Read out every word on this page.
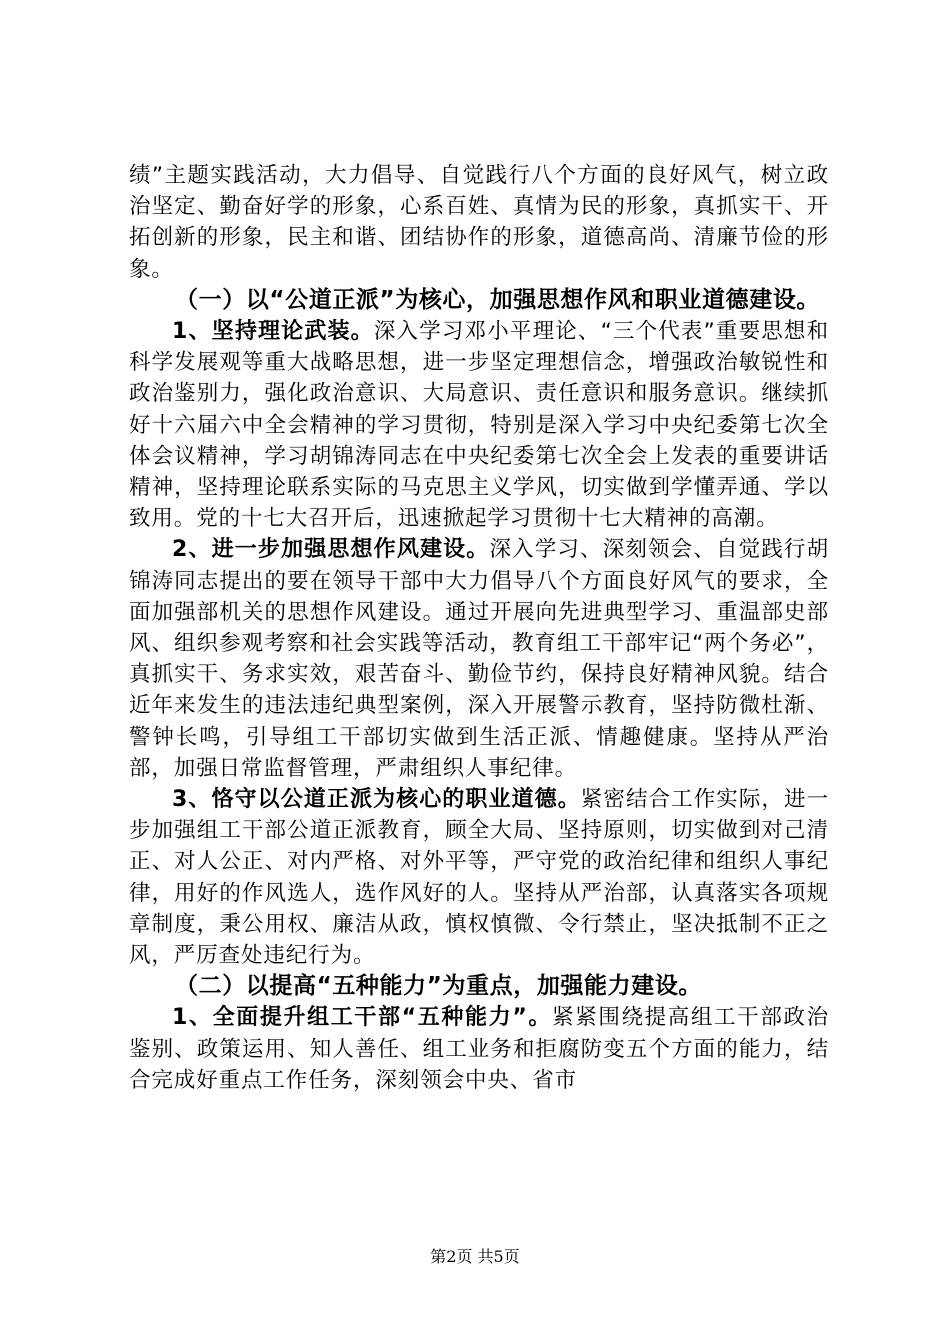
绩”主题实践活动，大力倡导、自觉践行八个方面的良好风气，树立政治坚定、勤奋好学的形象，心系百姓、真情为民的形象，真抓实干、开拓创新的形象，民主和谐、团结协作的形象，道德高尚、清廉节俭的形象。

（一）以“公道正派”为核心，加强思想作风和职业道德建设。

1、坚持理论武装。深入学习邓小平理论、“三个代表”重要思想和科学发展观等重大战略思想，进一步坚定理想信念，增强政治敏锐性和政治鉴别力，强化政治意识、大局意识、责任意识和服务意识。继续抓好十六届六中全会精神的学习贯彻，特别是深入学习中央纪委第七次全体会议精神，学习胡锦涛同志在中央纪委第七次全会上发表的重要讲话精神，坚持理论联系实际的马克思主义学风，切实做到学懂弄通、学以致用。党的十七大召开后，迅速掀起学习贯彻十七大精神的高潮。

2、进一步加强思想作风建设。深入学习、深刻领会、自觉践行胡锦涛同志提出的要在领导干部中大力倡导八个方面良好风气的要求，全面加强部机关的思想作风建设。通过开展向先进典型学习、重温部史部风、组织参观考察和社会实践等活动，教育组工干部牢记“两个务必”，真抓实干、务求实效，艰苦奋斗、勤俭节约，保持良好精神风貌。结合近年来发生的违法违纪典型案例，深入开展警示教育，坚持防微杜渐、警钟长鸣，引导组工干部切实做到生活正派、情趣健康。坚持从严治部，加强日常监督管理，严肃组织人事纪律。

3、恪守以公道正派为核心的职业道德。紧密结合工作实际，进一步加强组工干部公道正派教育，顾全大局、坚持原则，切实做到对己清正、对人公正、对内严格、对外平等，严守党的政治纪律和组织人事纪律，用好的作风选人，选作风好的人。坚持从严治部，认真落实各项规章制度，秉公用权、廉洁从政，慎权慎微、令行禁止，坚决抵制不正之风，严厉查处违纪行为。

（二）以提高“五种能力”为重点，加强能力建设。

1、全面提升组工干部“五种能力”。紧紧围绕提高组工干部政治鉴别、政策运用、知人善任、组工业务和拒腐防变五个方面的能力，结合完成好重点工作任务，深刻领会中央、省市

第2页 共5页
